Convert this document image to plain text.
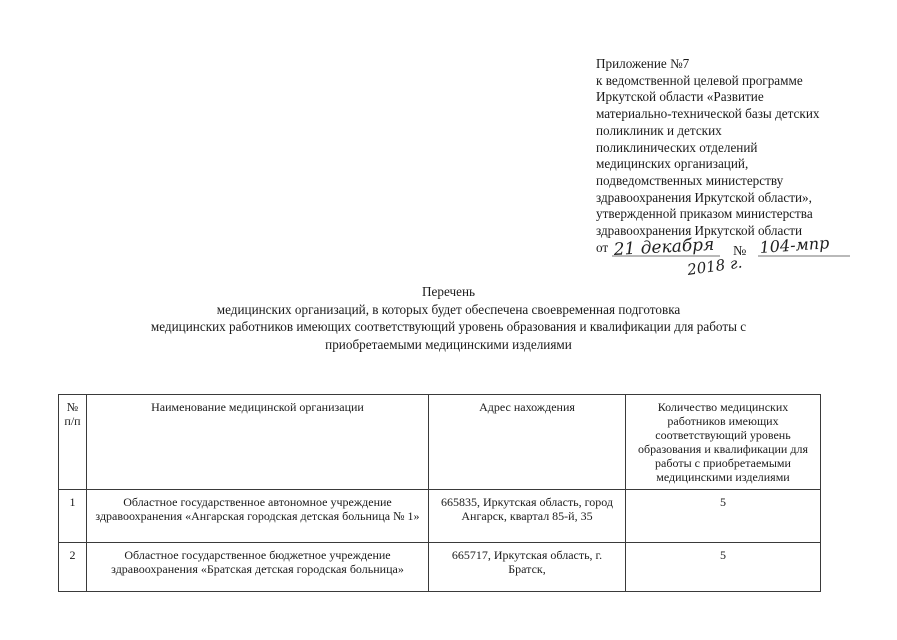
Приложение №7
к ведомственной целевой программе
Иркутской области «Развитие
материально-технической базы детских
поликлиник и детских
поликлинических отделений
медицинских организаций,
подведомственных министерству
здравоохранения Иркутской области»,
утвержденной приказом министерства
здравоохранения Иркутской области
от 21 декабря № 104-мпр
2018 г.
Перечень
медицинских организаций, в которых будет обеспечена своевременная подготовка
медицинских работников имеющих соответствующий уровень образования и квалификации для работы с
приобретаемыми медицинскими изделиями
№ п/п	Наименование медицинской организации	Адрес нахождения	Количество медицинских работников имеющих соответствующий уровень образования и квалификации для работы с приобретаемыми медицинскими изделиями
1	Областное государственное автономное учреждение здравоохранения «Ангарская городская детская больница № 1»	665835, Иркутская область, город Ангарск, квартал 85-й, 35	5
2	Областное государственное бюджетное учреждение здравоохранения «Братская детская городская больница»	665717, Иркутская область, г. Братск,	5
